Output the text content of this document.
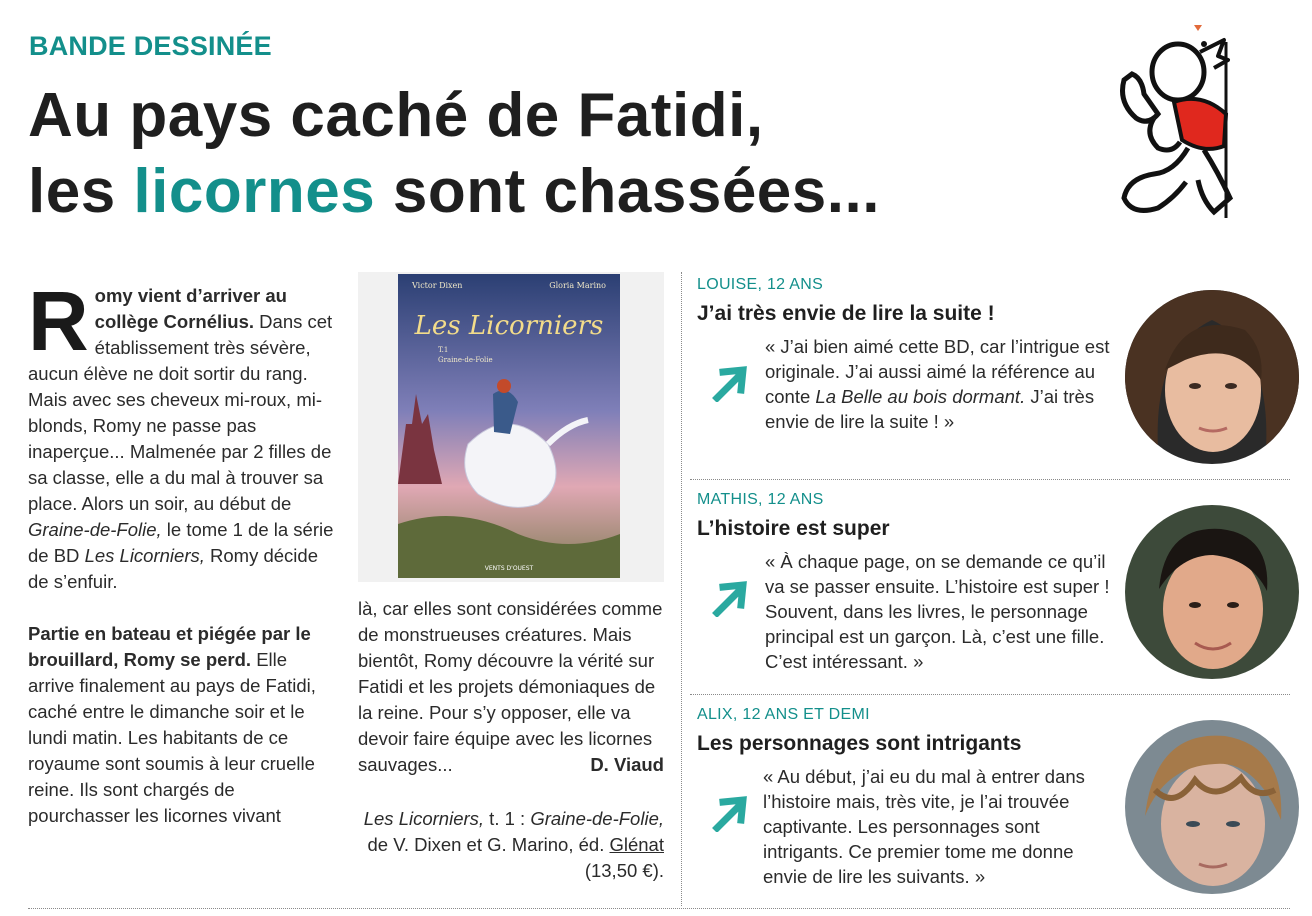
BANDE DESSINÉE
Au pays caché de Fatidi,
les licornes sont chassées...

Romy vient d’arriver au collège Cornélius. Dans cet établissement très sévère, aucun élève ne doit sortir du rang. Mais avec ses cheveux mi-roux, mi-blonds, Romy ne passe pas inaperçue... Malmenée par 2 filles de sa classe, elle a du mal à trouver sa place. Alors un soir, au début de Graine-de-Folie, le tome 1 de la série de BD Les Licorniers, Romy décide de s’enfuir.

Partie en bateau et piégée par le brouillard, Romy se perd. Elle arrive finalement au pays de Fatidi, caché entre le dimanche soir et le lundi matin. Les habitants de ce royaume sont soumis à leur cruelle reine. Ils sont chargés de pourchasser les licornes vivant

Victor Dixen	Gloria Marino
Les Licorniers
T.1
Graine-de-Folie
VENTS D'OUEST
là, car elles sont considérées comme de monstrueuses créatures. Mais bientôt, Romy découvre la vérité sur Fatidi et les projets démoniaques de la reine. Pour s’y opposer, elle va devoir faire équipe avec les licornes sauvages...	D. Viaud
Les Licorniers, t. 1 : Graine-de-Folie, de V. Dixen et G. Marino, éd. Glénat (13,50 €).
LOUISE, 12 ANS
J’ai très envie de lire la suite !
« J’ai bien aimé cette BD, car l’intrigue est originale. J’ai aussi aimé la référence au conte La Belle au bois dormant. J’ai très envie de lire la suite ! »
MATHIS, 12 ANS
L’histoire est super
« À chaque page, on se demande ce qu’il va se passer ensuite. L’histoire est super ! Souvent, dans les livres, le personnage principal est un garçon. Là, c’est une fille. C’est intéressant. »
ALIX, 12 ANS ET DEMI
Les personnages sont intrigants
« Au début, j’ai eu du mal à entrer dans l’histoire mais, très vite, je l’ai trouvée captivante. Les personnages sont intrigants. Ce premier tome me donne envie de lire les suivants. »
